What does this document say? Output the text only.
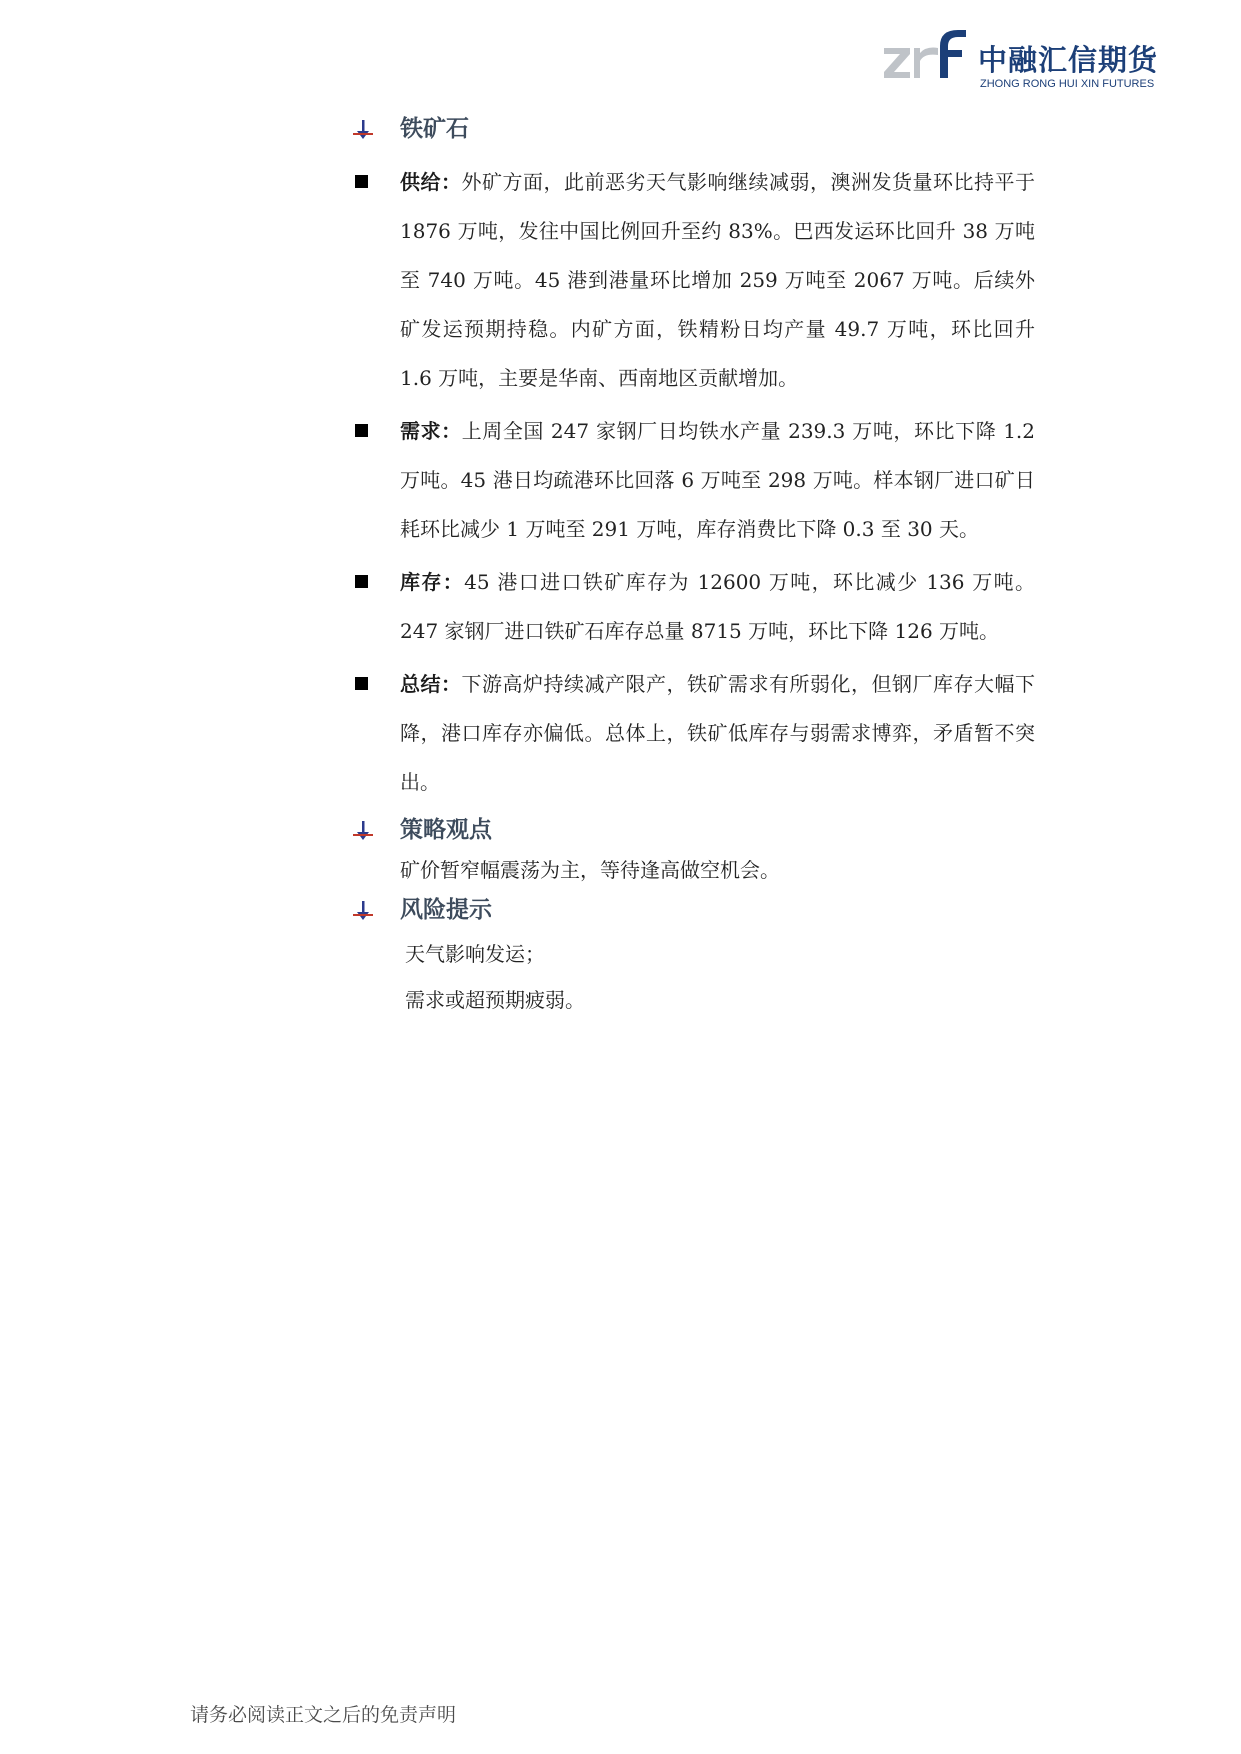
中融汇信期货
ZHONG RONG HUI XIN FUTURES
铁矿石
供给：外矿方面，此前恶劣天气影响继续减弱，澳洲发货量环比持平于 1876 万吨，发往中国比例回升至约 83%。巴西发运环比回升 38 万吨至 740 万吨。45 港到港量环比增加 259 万吨至 2067 万吨。后续外矿发运预期持稳。内矿方面，铁精粉日均产量 49.7 万吨，环比回升 1.6 万吨，主要是华南、西南地区贡献增加。
需求：上周全国 247 家钢厂日均铁水产量 239.3 万吨，环比下降 1.2 万吨。45 港日均疏港环比回落 6 万吨至 298 万吨。样本钢厂进口矿日耗环比减少 1 万吨至 291 万吨，库存消费比下降 0.3 至 30 天。
库存：45 港口进口铁矿库存为 12600 万吨，环比减少 136 万吨。247 家钢厂进口铁矿石库存总量 8715 万吨，环比下降 126 万吨。
总结：下游高炉持续减产限产，铁矿需求有所弱化，但钢厂库存大幅下降，港口库存亦偏低。总体上，铁矿低库存与弱需求博弈，矛盾暂不突出。
策略观点
矿价暂窄幅震荡为主，等待逢高做空机会。
风险提示
天气影响发运；
需求或超预期疲弱。
请务必阅读正文之后的免责声明
